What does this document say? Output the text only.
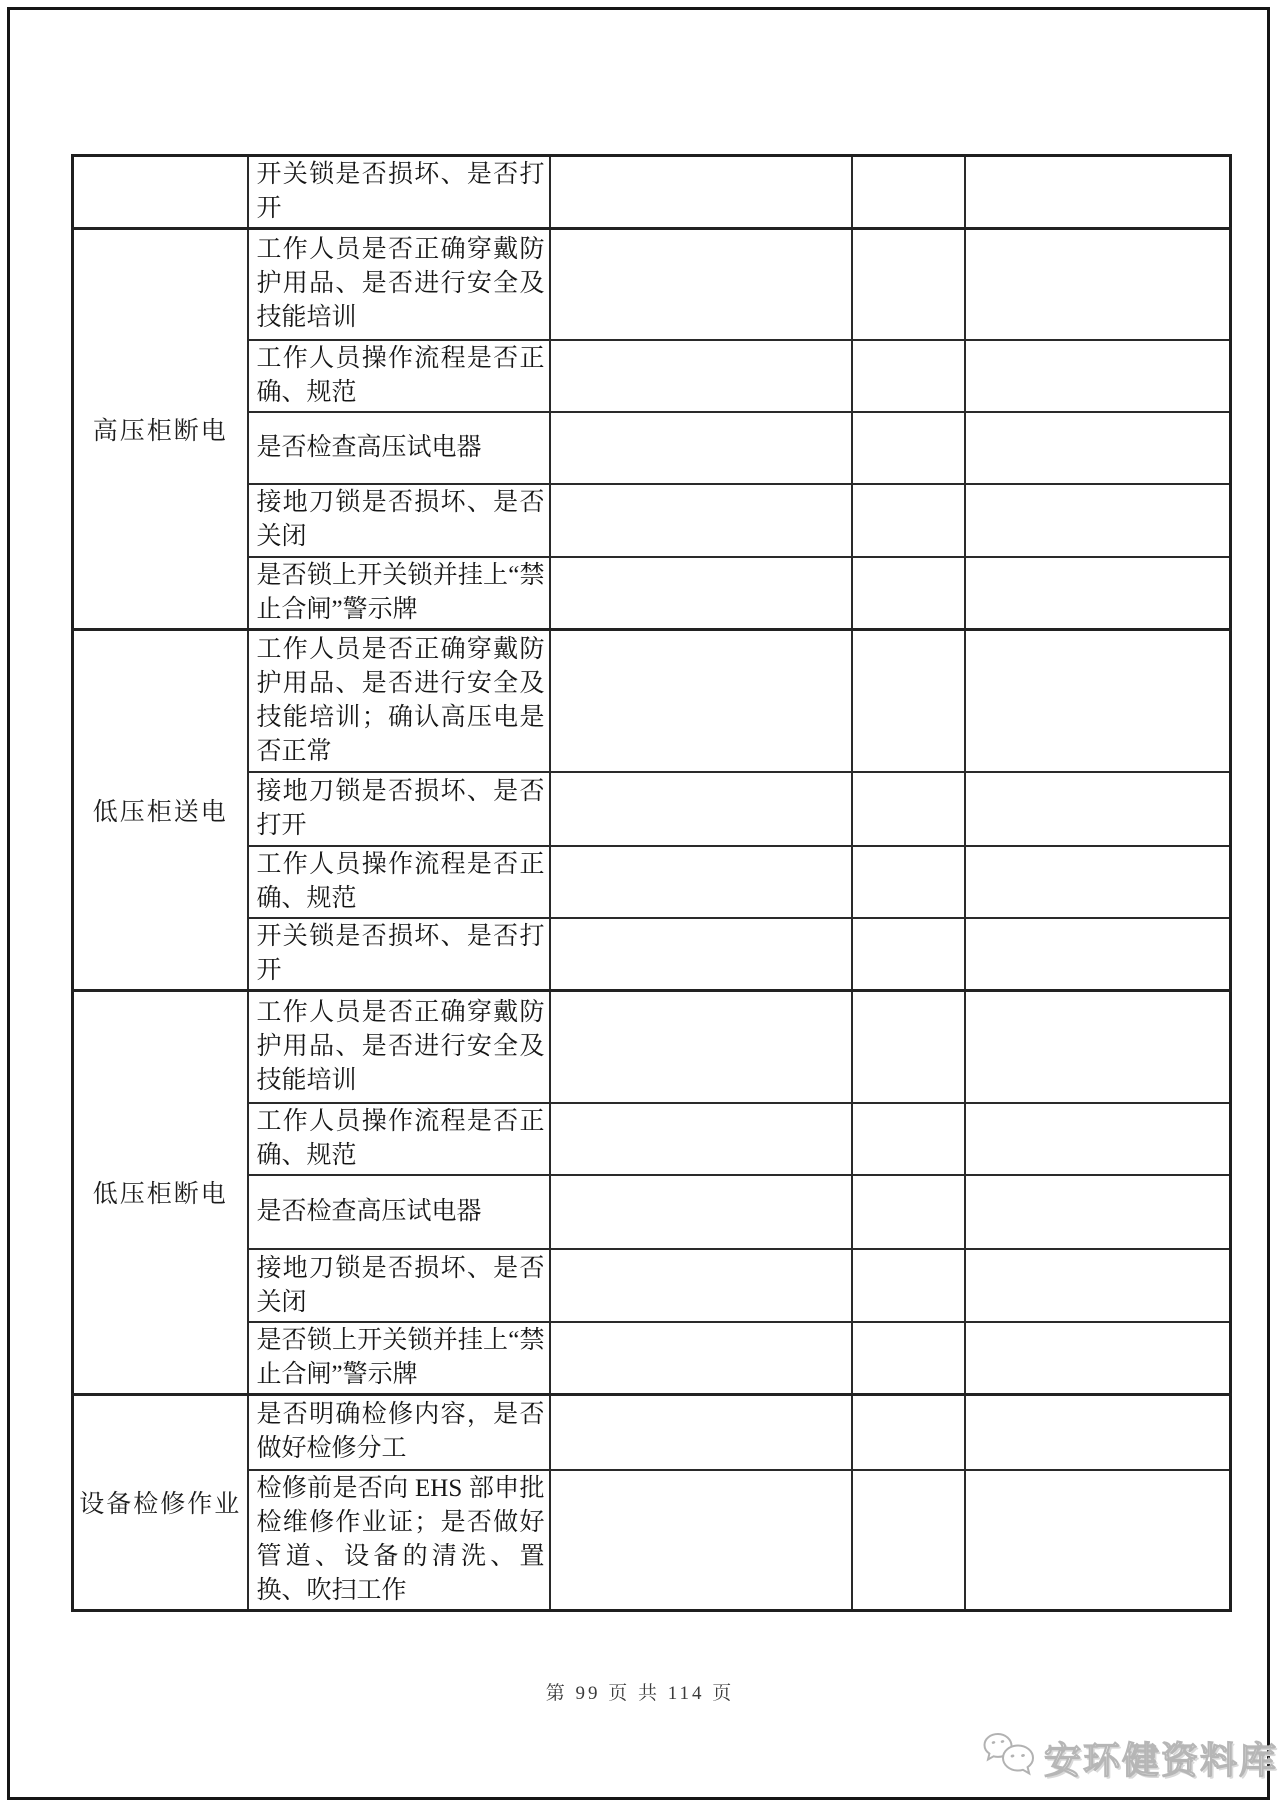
	开关锁是否损坏、是否打开			
高压柜断电	工作人员是否正确穿戴防护用品、是否进行安全及技能培训			
	工作人员操作流程是否正确、规范			
	是否检查高压试电器			
	接地刀锁是否损坏、是否关闭			
	是否锁上开关锁并挂上“禁止合闸”警示牌			
低压柜送电	工作人员是否正确穿戴防护用品、是否进行安全及技能培训；确认高压电是否正常			
	接地刀锁是否损坏、是否打开			
	工作人员操作流程是否正确、规范			
	开关锁是否损坏、是否打开			
低压柜断电	工作人员是否正确穿戴防护用品、是否进行安全及技能培训			
	工作人员操作流程是否正确、规范			
	是否检查高压试电器			
	接地刀锁是否损坏、是否关闭			
	是否锁上开关锁并挂上“禁止合闸”警示牌			
设备检修作业	是否明确检修内容，是否做好检修分工			
	检修前是否向 EHS 部申批检维修作业证；是否做好管道、设备的清洗、置换、吹扫工作			
第 99 页 共 114 页
安环健资料库
